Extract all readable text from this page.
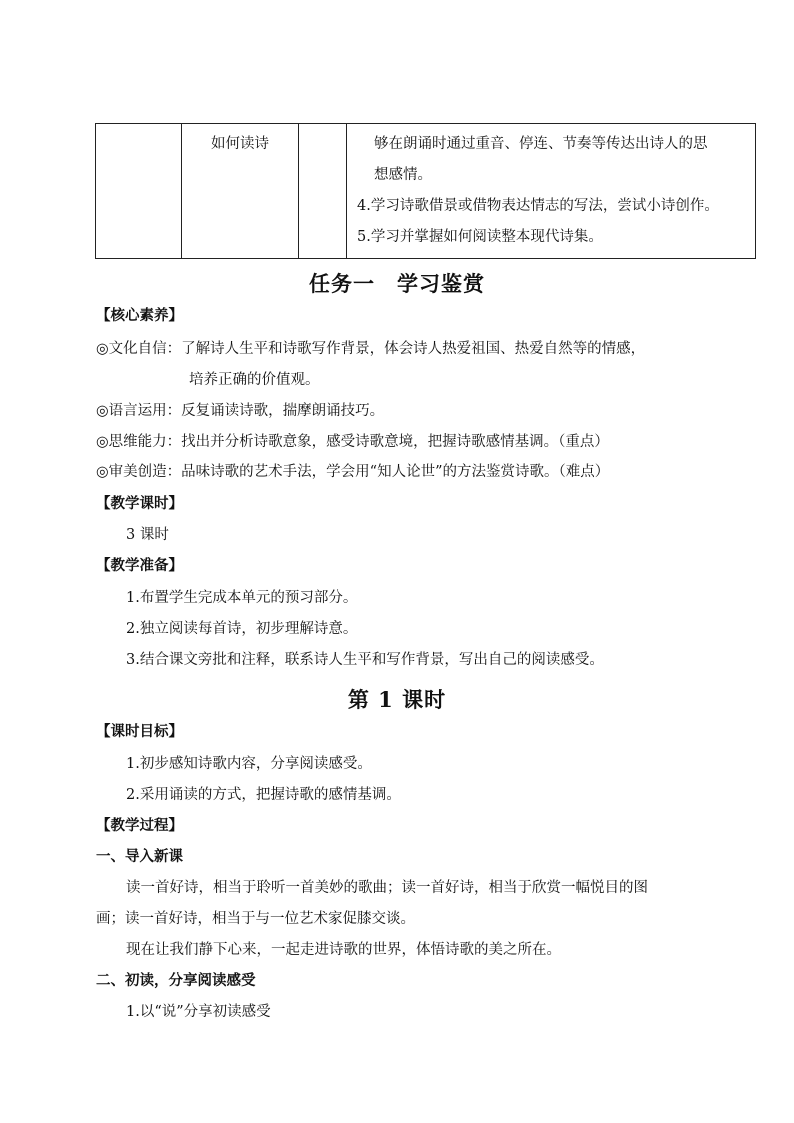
	如何读诗		够在朗诵时通过重音、停连、节奏等传达出诗人的思
想感情。
4.学习诗歌借景或借物表达情志的写法，尝试小诗创作。
5.学习并掌握如何阅读整本现代诗集。
任务一　学习鉴赏

【核心素养】

◎文化自信：了解诗人生平和诗歌写作背景，体会诗人热爱祖国、热爱自然等的情感，

培养正确的价值观。

◎语言运用：反复诵读诗歌，揣摩朗诵技巧。

◎思维能力：找出并分析诗歌意象，感受诗歌意境，把握诗歌感情基调。（重点）

◎审美创造：品味诗歌的艺术手法，学会用“知人论世”的方法鉴赏诗歌。（难点）

【教学课时】

3 课时

【教学准备】

1.布置学生完成本单元的预习部分。

2.独立阅读每首诗，初步理解诗意。

3.结合课文旁批和注释，联系诗人生平和写作背景，写出自己的阅读感受。

第 1 课时

【课时目标】

1.初步感知诗歌内容，分享阅读感受。

2.采用诵读的方式，把握诗歌的感情基调。

【教学过程】

一、导入新课

读一首好诗，相当于聆听一首美妙的歌曲；读一首好诗，相当于欣赏一幅悦目的图

画；读一首好诗，相当于与一位艺术家促膝交谈。

现在让我们静下心来，一起走进诗歌的世界，体悟诗歌的美之所在。

二、初读，分享阅读感受

1.以“说”分享初读感受
